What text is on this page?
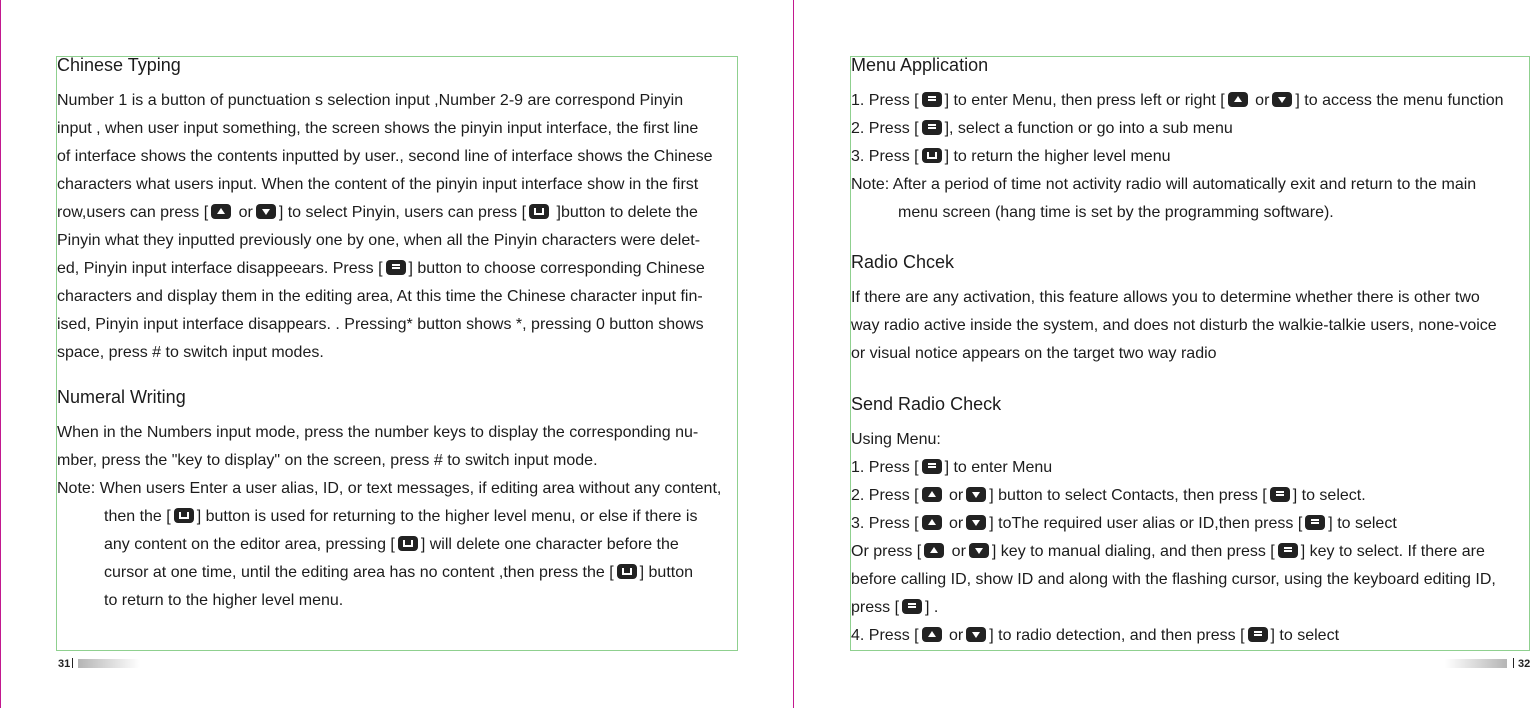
Chinese Typing

Number 1 is a button of punctuation s selection input ,Number 2-9 are correspond Pinyin

input , when user input something, the screen shows the pinyin input interface, the first line

of interface shows the contents inputted by user., second line of interface shows the Chinese

characters what users input. When the content of the pinyin input interface show in the first

row,users can press [ or ] to select Pinyin, users can press [ ]button to delete the

Pinyin what they inputted previously one by one, when all the Pinyin characters were delet-

ed, Pinyin input interface disappeears. Press [ ] button to choose corresponding Chinese

characters and display them in the editing area, At this time the Chinese character input fin-

ised, Pinyin input interface disappears. . Pressing* button shows *, pressing 0 button shows

space, press # to switch input modes.

Numeral Writing

When in the Numbers input mode, press the number keys to display the corresponding nu-

mber, press the "key to display" on the screen, press # to switch input mode.

Note: When users Enter a user alias, ID, or text messages, if editing area without any content,

then the [ ] button is used for returning to the higher level menu, or else if there is

any content on the editor area, pressing [ ] will delete one character before the

cursor at one time, until the editing area has no content ,then press the [ ] button

to return to the higher level menu.

31
Menu Application

1. Press [ ] to enter Menu, then press left or right [ or ] to access the menu function

2. Press [ ], select a function or go into a sub menu

3. Press [ ] to return the higher level menu

Note: After a period of time not activity radio will automatically exit and return to the main

menu screen (hang time is set by the programming software).

Radio Chcek

If there are any activation, this feature allows you to determine whether there is other two

way radio active inside the system, and does not disturb the walkie-talkie users, none-voice

or visual notice appears on the target two way radio

Send Radio Check

Using Menu:

1. Press [ ] to enter Menu

2. Press [ or ] button to select Contacts, then press [ ] to select.

3. Press [ or ] toThe required user alias or ID,then press [ ] to select

Or press [ or ] key to manual dialing, and then press [ ] key to select. If there are

before calling ID, show ID and along with the flashing cursor, using the keyboard editing ID,

press [ ] .

4. Press [ or ] to radio detection, and then press [ ] to select

32
